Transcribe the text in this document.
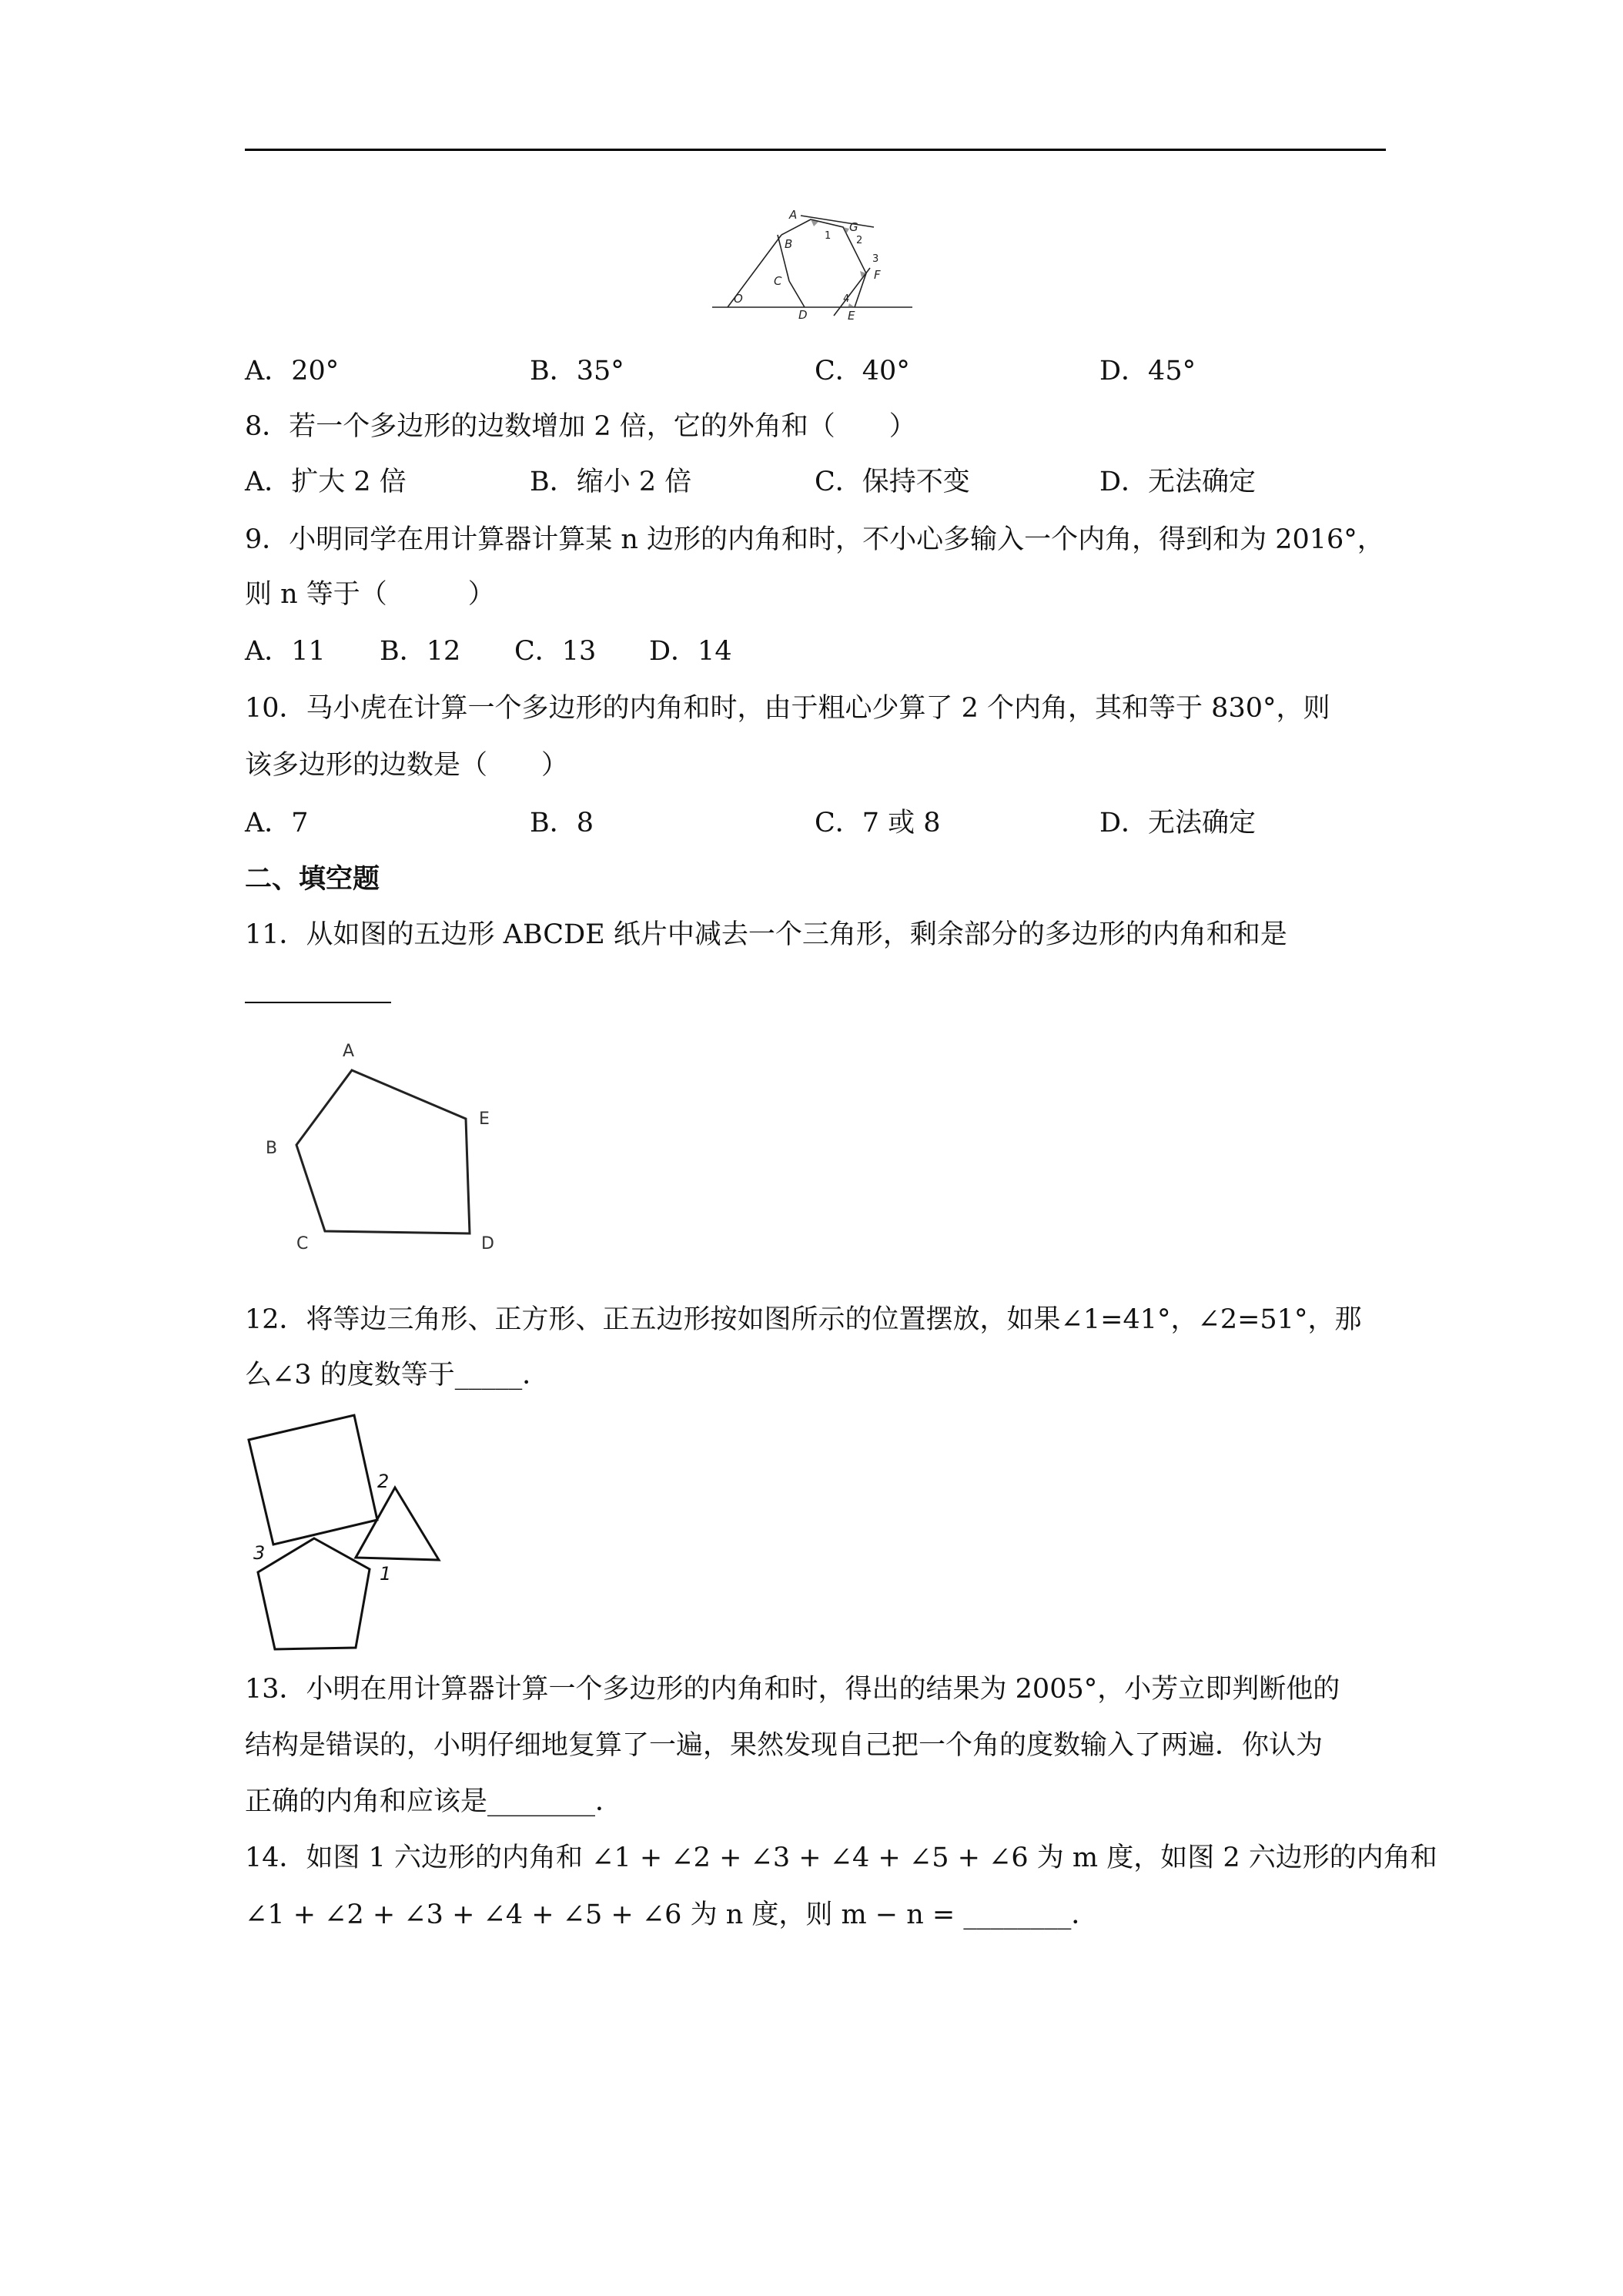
A
G
B
C
O
D	E
F
1	2
3
4
A．20°	B．35°	C．40°	D．45°
8．若一个多边形的边数增加 2 倍，它的外角和（　　）
A．扩大 2 倍	B．缩小 2 倍	C．保持不变	D．无法确定
9．小明同学在用计算器计算某 n 边形的内角和时，不小心多输入一个内角，得到和为 2016°，
则 n 等于（　　　）
A．11 B．12 C．13 D．14
10．马小虎在计算一个多边形的内角和时，由于粗心少算了 2 个内角，其和等于 830°，则
该多边形的边数是（　　）
A．7	B．8	C．7 或 8	D．无法确定
二、填空题
11．从如图的五边形 ABCDE 纸片中减去一个三角形，剩余部分的多边形的内角和和是
A
E
B
C	D
12．将等边三角形、正方形、正五边形按如图所示的位置摆放，如果∠1=41°，∠2=51°，那
么∠3 的度数等于_____．
2
3
1
13．小明在用计算器计算一个多边形的内角和时，得出的结果为 2005°，小芳立即判断他的
结构是错误的，小明仔细地复算了一遍，果然发现自己把一个角的度数输入了两遍．你认为
正确的内角和应该是________．
14．如图 1 六边形的内角和 ∠1 + ∠2 + ∠3 + ∠4 + ∠5 + ∠6 为 m 度，如图 2 六边形的内角和
∠1 + ∠2 + ∠3 + ∠4 + ∠5 + ∠6 为 n 度，则 m − n = ________．
